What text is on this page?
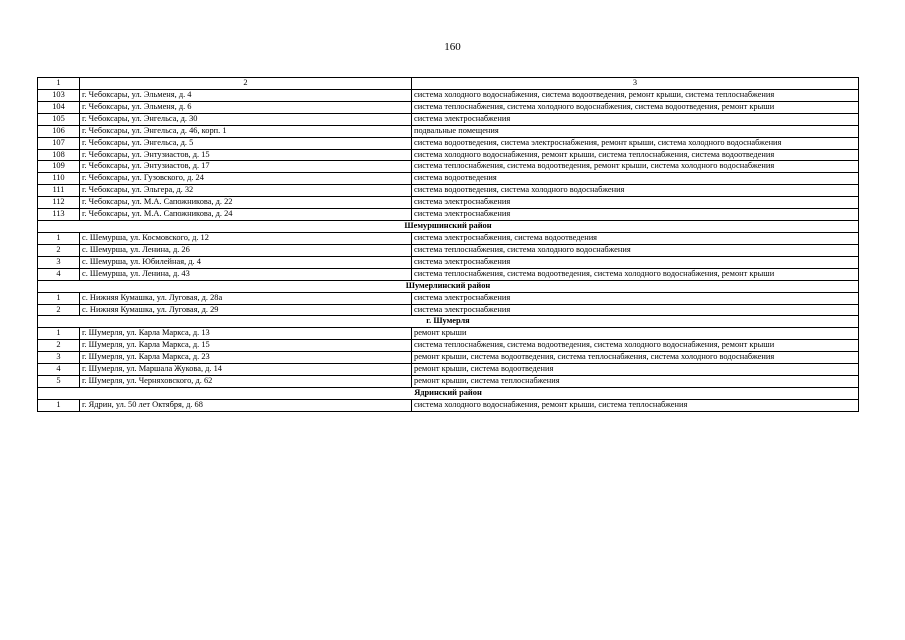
160
1	2	3
103	г. Чебоксары, ул. Эльменя, д. 4	система холодного водоснабжения, система водоотведения, ремонт крыши, система теплоснабжения
104	г. Чебоксары, ул. Эльменя, д. 6	система теплоснабжения, система холодного водоснабжения, система водоотведения, ремонт крыши
105	г. Чебоксары, ул. Энгельса, д. 30	система электроснабжения
106	г. Чебоксары, ул. Энгельса, д. 46, корп. 1	подвальные помещения
107	г. Чебоксары, ул. Энгельса, д. 5	система водоотведения, система электроснабжения, ремонт крыши, система холодного водоснабжения
108	г. Чебоксары, ул. Энтузиастов, д. 15	система холодного водоснабжения, ремонт крыши, система теплоснабжения, система водоотведения
109	г. Чебоксары, ул. Энтузиастов, д. 17	система теплоснабжения, система водоотведения, ремонт крыши, система холодного водоснабжения
110	г. Чебоксары, ул. Гузовского, д. 24	система водоотведения
111	г. Чебоксары, ул. Эльгера, д. 32	система водоотведения, система холодного водоснабжения
112	г. Чебоксары, ул. М.А. Сапожникова, д. 22	система электроснабжения
113	г. Чебоксары, ул. М.А. Сапожникова, д. 24	система электроснабжения
Шемуршинский район		
1	с. Шемурша, ул. Космовского, д. 12	система электроснабжения, система водоотведения
2	с. Шемурша, ул. Ленина, д. 26	система теплоснабжения, система холодного водоснабжения
3	с. Шемурша, ул. Юбилейная, д. 4	система электроснабжения
4	с. Шемурша, ул. Ленина, д. 43	система теплоснабжения, система водоотведения, система холодного водоснабжения, ремонт крыши
Шумерлинский район		
1	с. Нижняя Кумашка, ул. Луговая, д. 28а	система электроснабжения
2	с. Нижняя Кумашка, ул. Луговая, д. 29	система электроснабжения
г. Шумерля		
1	г. Шумерля, ул. Карла Маркса, д. 13	ремонт крыши
2	г. Шумерля, ул. Карла Маркса, д. 15	система теплоснабжения, система водоотведения, система холодного водоснабжения, ремонт крыши
3	г. Шумерля, ул. Карла Маркса, д. 23	ремонт крыши, система водоотведения, система теплоснабжения, система холодного водоснабжения
4	г. Шумерля, ул. Маршала Жукова, д. 14	ремонт крыши, система водоотведения
5	г. Шумерля, ул. Черняховского, д. 62	ремонт крыши, система теплоснабжения
Ядринский район		
1	г. Ядрин, ул. 50 лет Октября, д. 68	система холодного водоснабжения, ремонт крыши, система теплоснабжения
